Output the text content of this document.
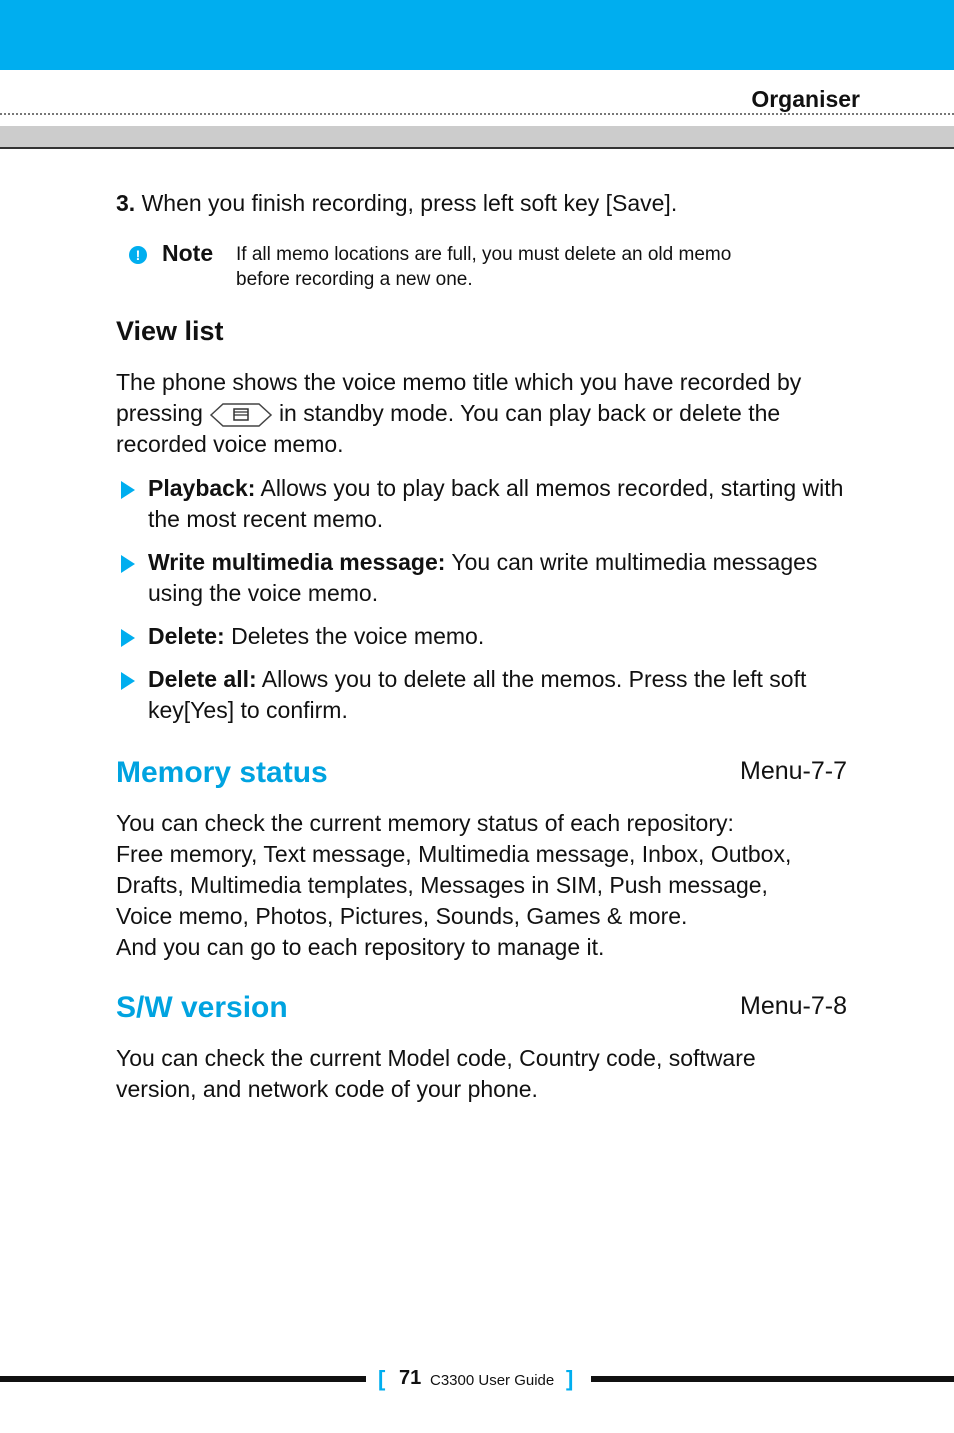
Organiser
3. When you finish recording, press left soft key [Save].
! Note If all memo locations are full, you must delete an old memo
before recording a new one.
View list
The phone shows the voice memo title which you have recorded by
pressing	in standby mode. You can play back or delete the
recorded voice memo.
Playback: Allows you to play back all memos recorded, starting with the most recent memo.
Write multimedia message: You can write multimedia messages using the voice memo.
Delete: Deletes the voice memo.
Delete all: Allows you to delete all the memos. Press the left soft key[Yes] to confirm.
Memory status	Menu-7-7
You can check the current memory status of each repository:
Free memory, Text message, Multimedia message, Inbox, Outbox,
Drafts, Multimedia templates, Messages in SIM, Push message,
Voice memo, Photos, Pictures, Sounds, Games & more.
And you can go to each repository to manage it.
S/W version	Menu-7-8
You can check the current Model code, Country code, software
version, and network code of your phone.
[ 71 C3300 User Guide ]
